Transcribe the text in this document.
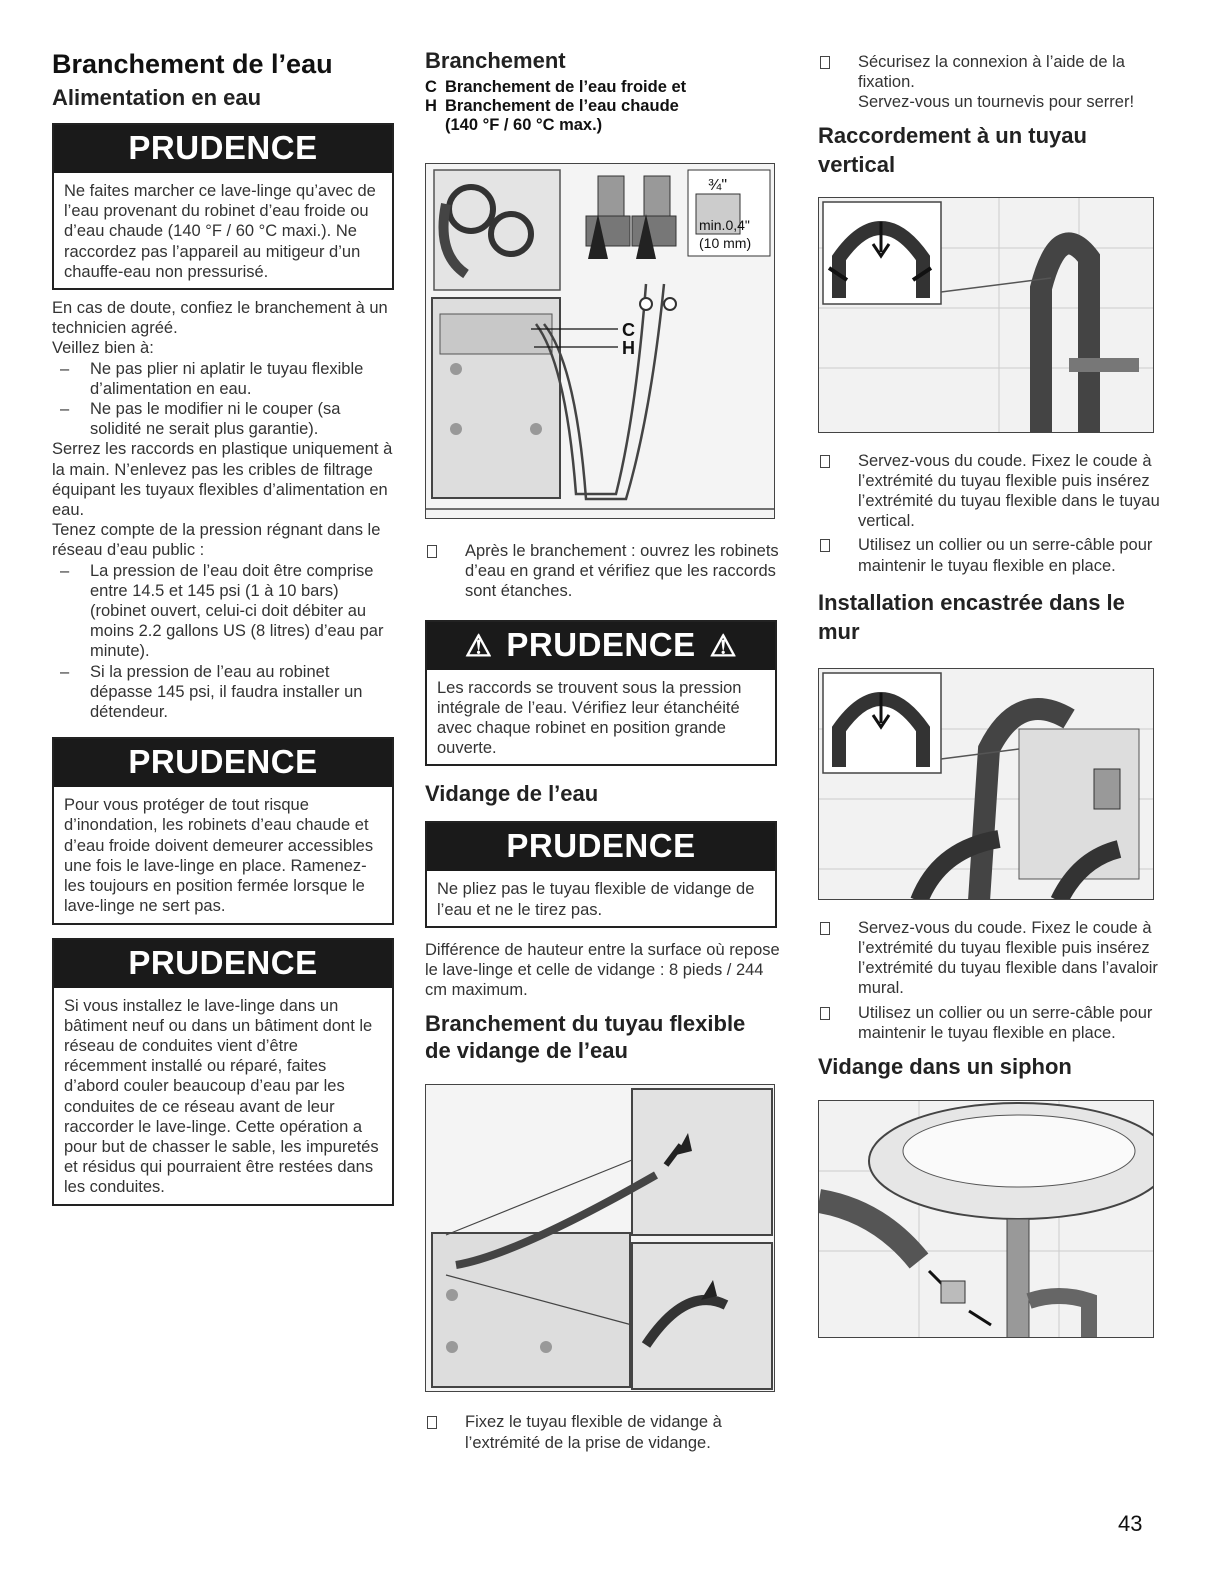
Branchement de l’eau
Alimentation en eau
PRUDENCE
Ne faites marcher ce lave-linge qu’avec de l’eau provenant du robinet d’eau froide ou d’eau chaude (140 °F / 60 °C maxi.). Ne raccordez pas l’appareil au mitigeur d’un chauffe-eau non pressurisé.

En cas de doute, confiez le branchement à un technicien agréé.

Veillez bien à:

– Ne pas plier ni aplatir le tuyau flexible d’alimentation en eau.
– Ne pas le modifier ni le couper (sa solidité ne serait plus garantie).

Serrez les raccords en plastique uniquement à la main. N’enlevez pas les cribles de filtrage équipant les tuyaux flexibles d’alimentation en eau.

Tenez compte de la pression régnant dans le réseau d’eau public :

– La pression de l’eau doit être comprise entre 14.5 et 145 psi (1 à 10 bars) (robinet ouvert, celui-ci doit débiter au moins 2.2 gallons US (8 litres) d’eau par minute).
– Si la pression de l’eau au robinet dépasse 145 psi, il faudra installer un détendeur.
PRUDENCE
Pour vous protéger de tout risque d’inondation, les robinets d’eau chaude et d’eau froide doivent demeurer accessibles une fois le lave-linge en place. Ramenez-les toujours en position fermée lorsque le lave-linge ne sert pas.
PRUDENCE
Si vous installez le lave-linge dans un bâtiment neuf ou dans un bâtiment dont le réseau de conduites vient d’être récemment installé ou réparé, faites d’abord couler beaucoup d’eau par les conduites de ce réseau avant de leur raccorder le lave-linge. Cette opération a pour but de chasser le sable, les impuretés et résidus qui pourraient être restées dans les conduites.
Branchement
C Branchement de l’eau froide et
H Branchement de l’eau chaude
(140 °F / 60 °C max.)
¾"
min.0,4"
(10 mm)
C
H
Après le branchement : ouvrez les robinets d’eau en grand et vérifiez que les raccords sont étanches.
⚠ PRUDENCE ⚠
Les raccords se trouvent sous la pression intégrale de l’eau. Vérifiez leur étanchéité avec chaque robinet en position grande ouverte.
Vidange de l’eau
PRUDENCE
Ne pliez pas le tuyau flexible de vidange de l’eau et ne le tirez pas.

Différence de hauteur entre la surface où repose le lave-linge et celle de vidange : 8 pieds / 244 cm maximum.

Branchement du tuyau flexible de vidange de l’eau
Fixez le tuyau flexible de vidange à l’extrémité de la prise de vidange.
Sécurisez la connexion à l’aide de la fixation.
Servez-vous un tournevis pour serrer!
Raccordement à un tuyau vertical
Servez-vous du coude. Fixez le coude à l’extrémité du tuyau flexible puis insérez l’extrémité du tuyau flexible dans le tuyau vertical.
Utilisez un collier ou un serre-câble pour maintenir le tuyau flexible en place.
Installation encastrée dans le mur
Servez-vous du coude. Fixez le coude à l’extrémité du tuyau flexible puis insérez l’extrémité du tuyau flexible dans l’avaloir mural.
Utilisez un collier ou un serre-câble pour maintenir le tuyau flexible en place.
Vidange dans un siphon
43
